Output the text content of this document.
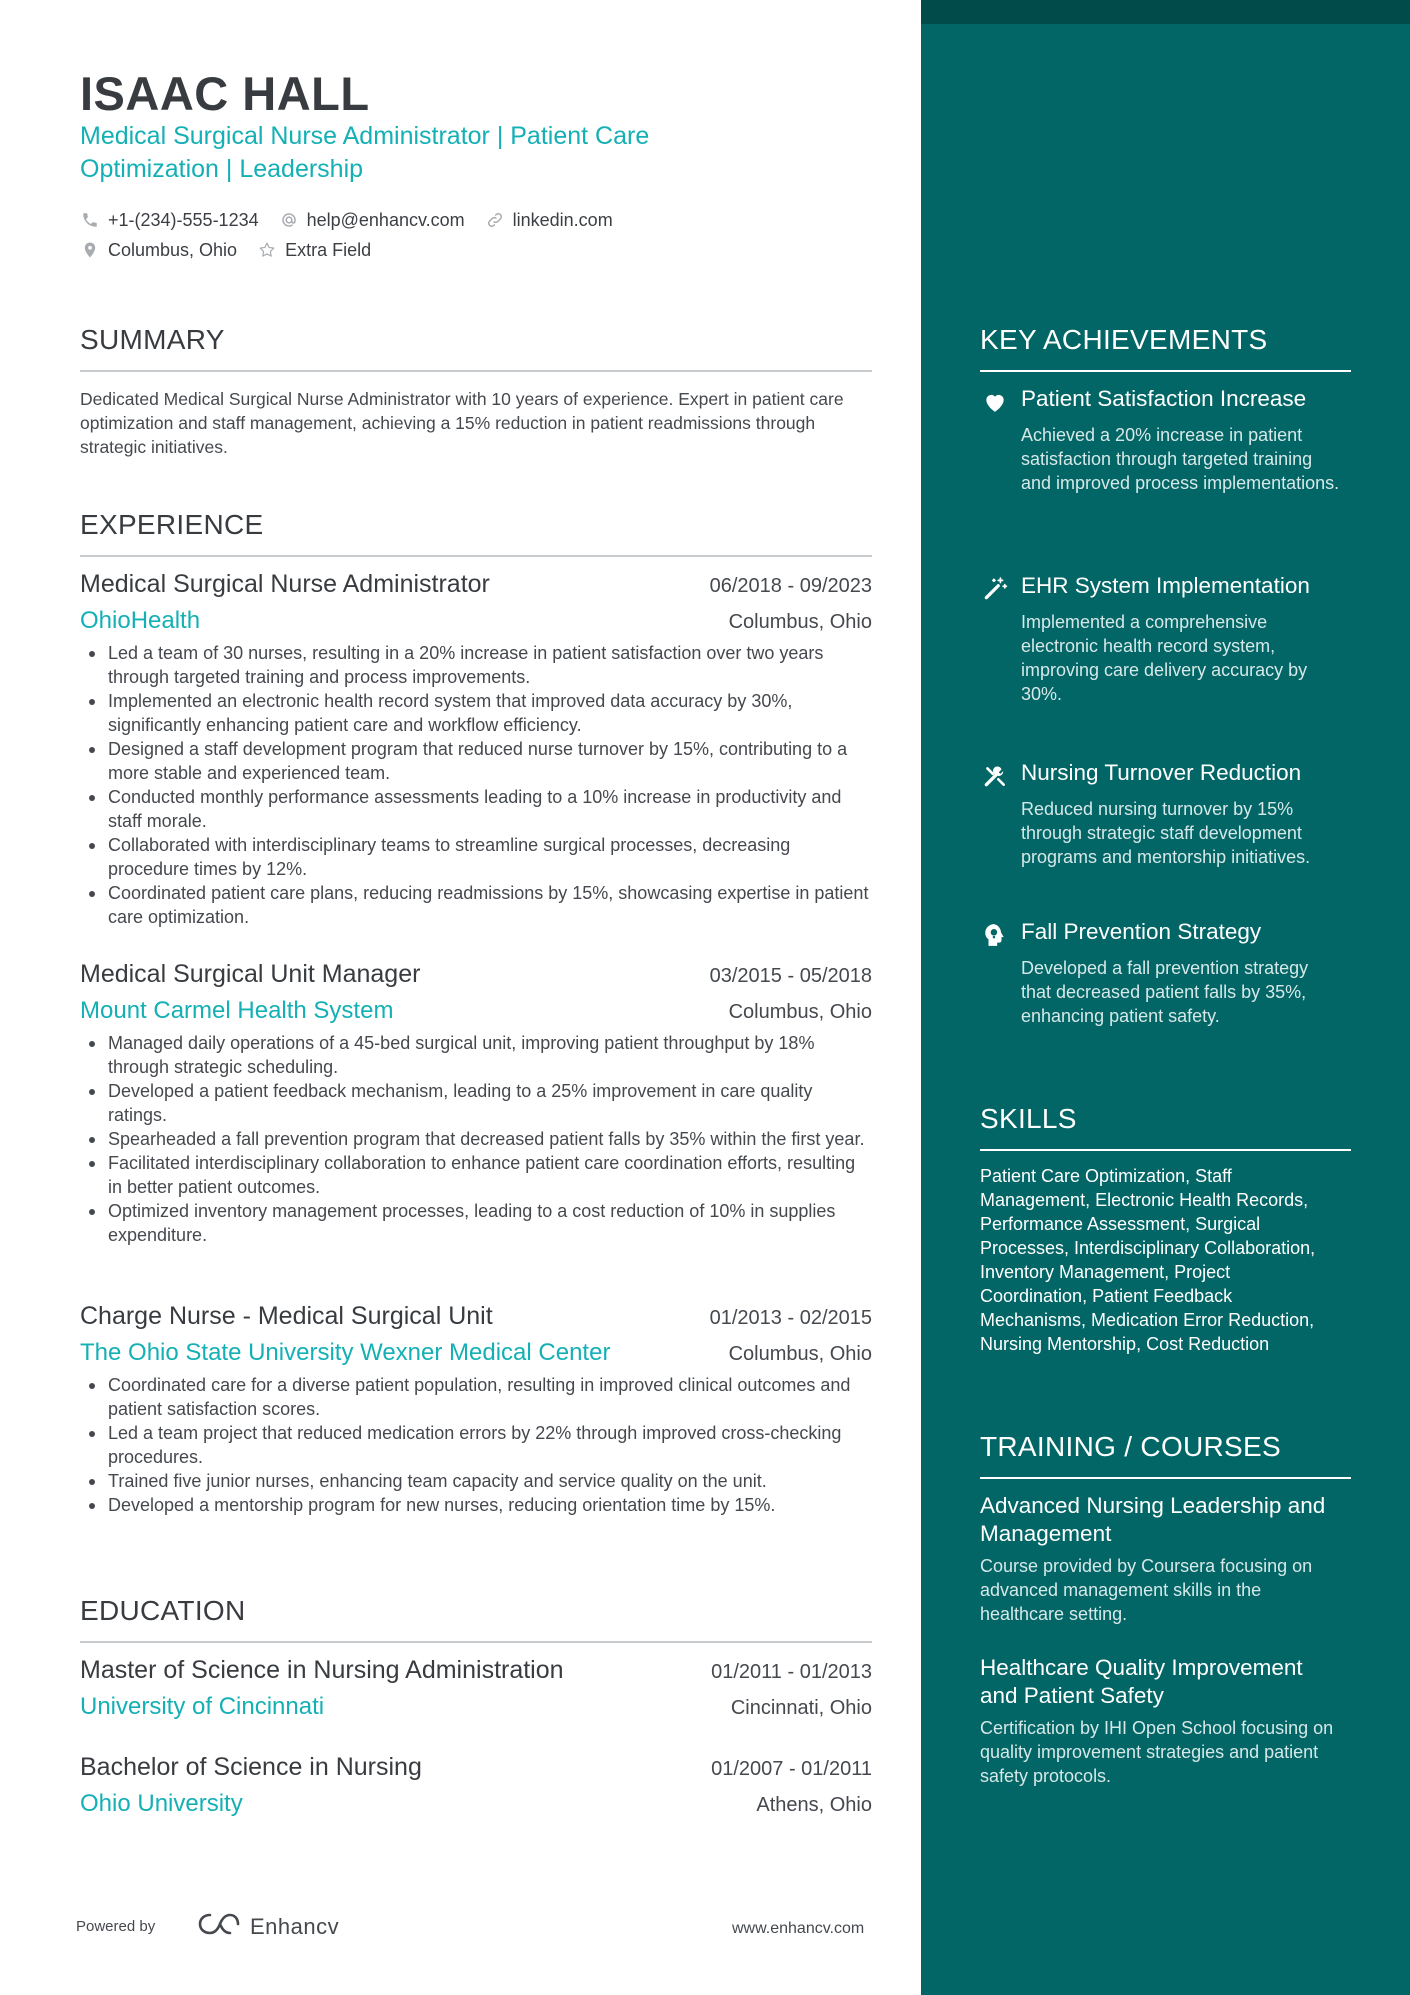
ISAAC HALL
Medical Surgical Nurse Administrator | Patient Care Optimization | Leadership
+1-(234)-555-1234	help@enhancv.com	linkedin.com
Columbus, Ohio	Extra Field
SUMMARY
Dedicated Medical Surgical Nurse Administrator with 10 years of experience. Expert in patient care optimization and staff management, achieving a 15% reduction in patient readmissions through strategic initiatives.
EXPERIENCE
Medical Surgical Nurse Administrator	06/2018 - 09/2023
OhioHealth	Columbus, Ohio
Led a team of 30 nurses, resulting in a 20% increase in patient satisfaction over two years through targeted training and process improvements.
Implemented an electronic health record system that improved data accuracy by 30%, significantly enhancing patient care and workflow efficiency.
Designed a staff development program that reduced nurse turnover by 15%, contributing to a more stable and experienced team.
Conducted monthly performance assessments leading to a 10% increase in productivity and staff morale.
Collaborated with interdisciplinary teams to streamline surgical processes, decreasing procedure times by 12%.
Coordinated patient care plans, reducing readmissions by 15%, showcasing expertise in patient care optimization.
Medical Surgical Unit Manager	03/2015 - 05/2018
Mount Carmel Health System	Columbus, Ohio
Managed daily operations of a 45-bed surgical unit, improving patient throughput by 18% through strategic scheduling.
Developed a patient feedback mechanism, leading to a 25% improvement in care quality ratings.
Spearheaded a fall prevention program that decreased patient falls by 35% within the first year.
Facilitated interdisciplinary collaboration to enhance patient care coordination efforts, resulting in better patient outcomes.
Optimized inventory management processes, leading to a cost reduction of 10% in supplies expenditure.
Charge Nurse - Medical Surgical Unit	01/2013 - 02/2015
The Ohio State University Wexner Medical Center	Columbus, Ohio
Coordinated care for a diverse patient population, resulting in improved clinical outcomes and patient satisfaction scores.
Led a team project that reduced medication errors by 22% through improved cross-checking procedures.
Trained five junior nurses, enhancing team capacity and service quality on the unit.
Developed a mentorship program for new nurses, reducing orientation time by 15%.
EDUCATION
Master of Science in Nursing Administration	01/2011 - 01/2013
University of Cincinnati	Cincinnati, Ohio
Bachelor of Science in Nursing	01/2007 - 01/2011
Ohio University	Athens, Ohio
Powered by	Enhancv	www.enhancv.com
KEY ACHIEVEMENTS
Patient Satisfaction Increase
Achieved a 20% increase in patient satisfaction through targeted training and improved process implementations.
EHR System Implementation
Implemented a comprehensive electronic health record system, improving care delivery accuracy by 30%.
Nursing Turnover Reduction
Reduced nursing turnover by 15% through strategic staff development programs and mentorship initiatives.
Fall Prevention Strategy
Developed a fall prevention strategy that decreased patient falls by 35%, enhancing patient safety.
SKILLS
Patient Care Optimization, Staff Management, Electronic Health Records, Performance Assessment, Surgical Processes, Interdisciplinary Collaboration, Inventory Management, Project Coordination, Patient Feedback Mechanisms, Medication Error Reduction, Nursing Mentorship, Cost Reduction
TRAINING / COURSES
Advanced Nursing Leadership and Management
Course provided by Coursera focusing on advanced management skills in the healthcare setting.
Healthcare Quality Improvement and Patient Safety
Certification by IHI Open School focusing on quality improvement strategies and patient safety protocols.
